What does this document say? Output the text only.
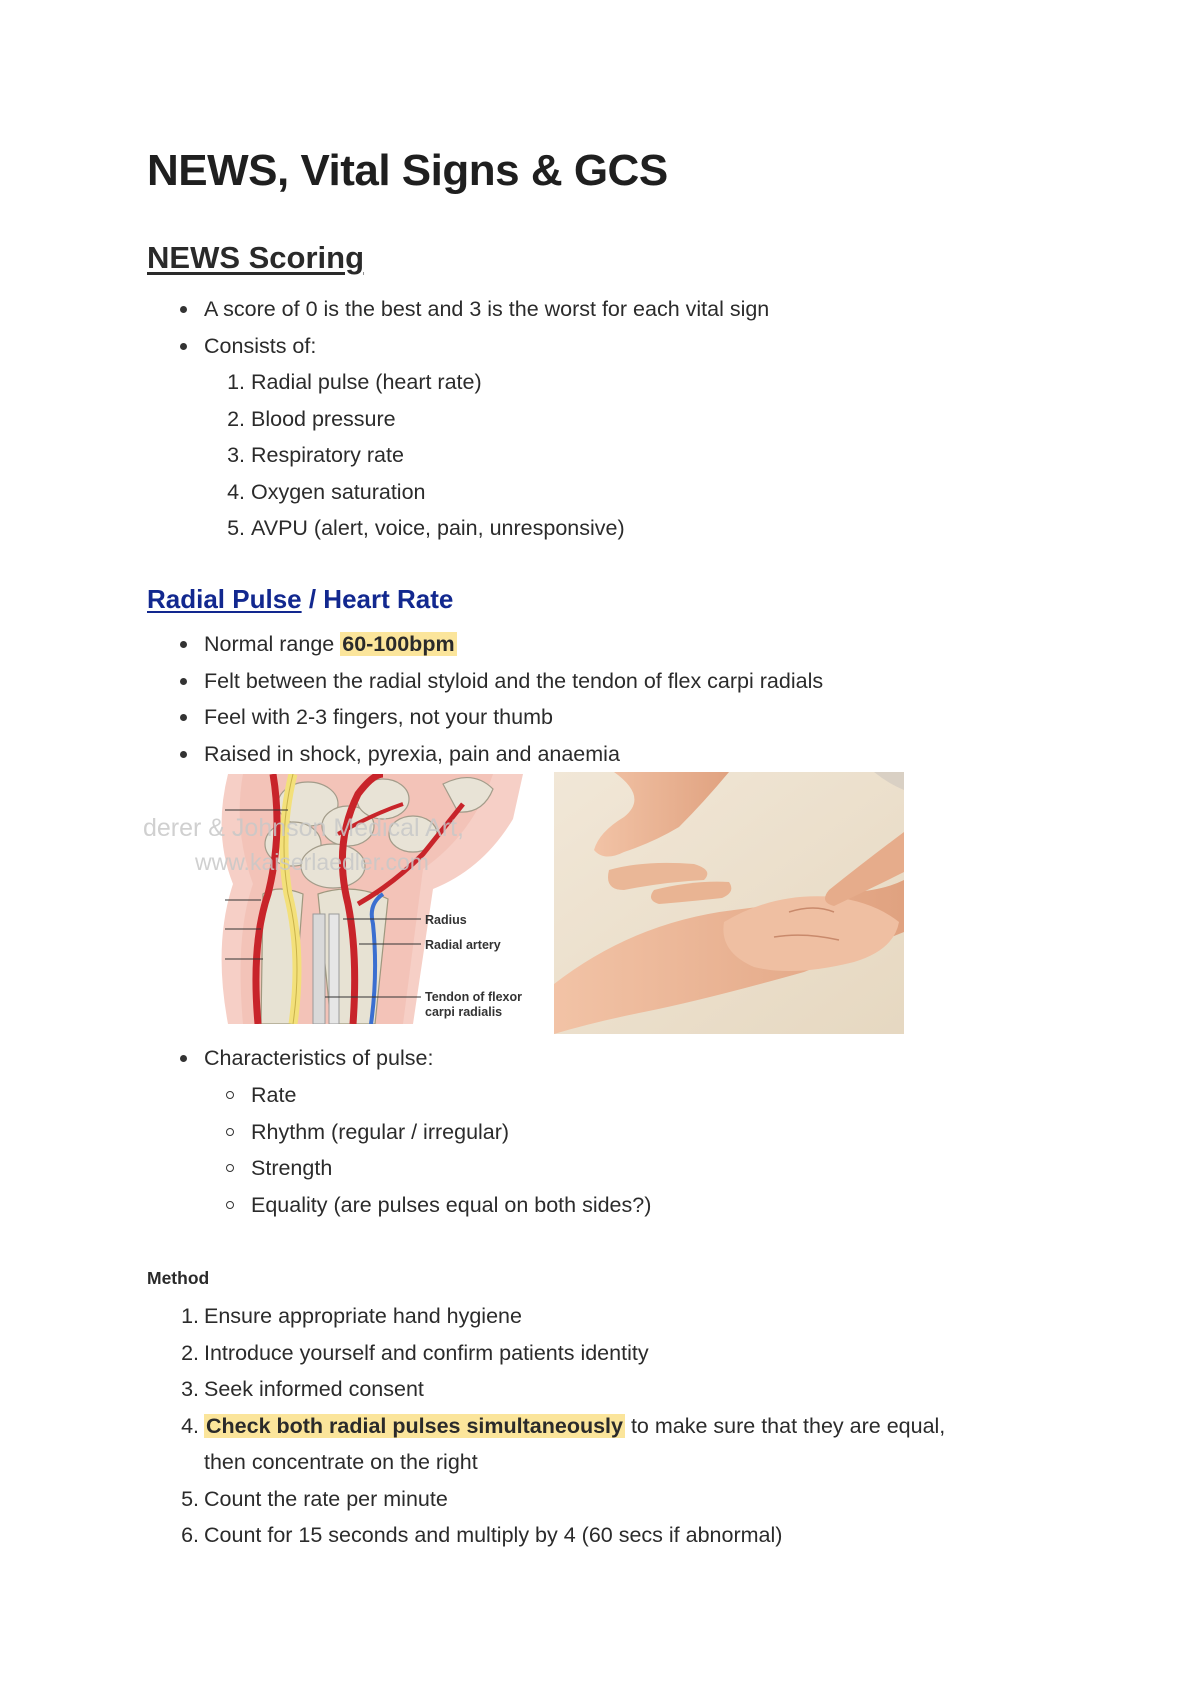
NEWS, Vital Signs & GCS
NEWS Scoring
A score of 0 is the best and 3 is the worst for each vital sign
Consists of:
1. Radial pulse (heart rate)
2. Blood pressure
3. Respiratory rate
4. Oxygen saturation
5. AVPU (alert, voice, pain, unresponsive)
Radial Pulse / Heart Rate
Normal range 60-100bpm
Felt between the radial styloid and the tendon of flex carpi radials
Feel with 2-3 fingers, not your thumb
Raised in shock, pyrexia, pain and anaemia
derer & Johnson Medical Art,
www.kaiserlaedler.com
Radius
Radial artery
Tendon of flexor
carpi radialis
Characteristics of pulse:
Rate
Rhythm (regular / irregular)
Strength
Equality (are pulses equal on both sides?)
Method
1. Ensure appropriate hand hygiene
2. Introduce yourself and confirm patients identity
3. Seek informed consent
4. Check both radial pulses simultaneously to make sure that they are equal,
then concentrate on the right
5. Count the rate per minute
6. Count for 15 seconds and multiply by 4 (60 secs if abnormal)
